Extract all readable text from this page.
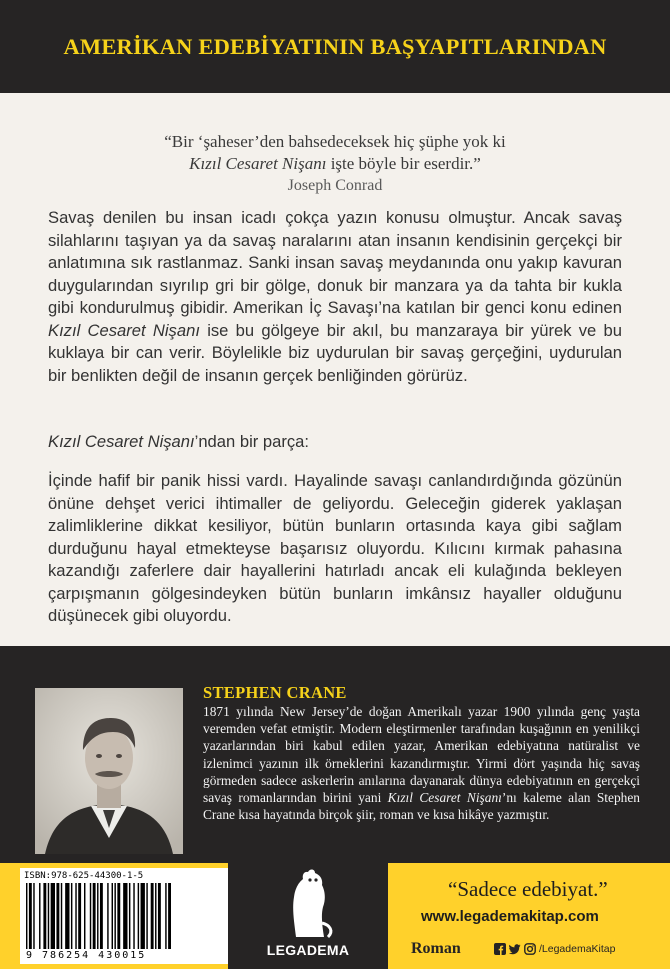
AMERİKAN EDEBİYATININ BAŞYAPITLARINDAN
“Bir ‘şaheser’den bahsedeceksek hiç şüphe yok ki
Kızıl Cesaret Nişanı işte böyle bir eserdir.”
Joseph Conrad

Savaş denilen bu insan icadı çokça yazın konusu olmuştur. Ancak savaş silahlarını taşıyan ya da savaş naralarını atan insanın kendisinin gerçekçi bir anlatımına sık rastlanmaz. Sanki insan savaş meydanında onu yakıp kavuran duygularından sıyrılıp gri bir gölge, donuk bir manzara ya da tahta bir kukla gibi kondurulmuş gibidir. Amerikan İç Savaşı’na katılan bir genci konu edinen Kızıl Cesaret Nişanı ise bu gölgeye bir akıl, bu manzaraya bir yürek ve bu kuklaya bir can verir. Böylelikle biz uydurulan bir savaş gerçeğini, uydurulan bir benlikten değil de insanın gerçek benliğinden görürüz.

Kızıl Cesaret Nişanı’ndan bir parça:

İçinde hafif bir panik hissi vardı. Hayalinde savaşı canlandırdığında gözünün önüne dehşet verici ihtimaller de geliyordu. Geleceğin giderek yaklaşan zalimliklerine dikkat kesiliyor, bütün bunların ortasında kaya gibi sağlam durduğunu hayal etmekteyse başarısız oluyordu. Kılıcını kırmak pahasına kazandığı zaferlere dair hayallerini hatırladı ancak eli kulağında bekleyen çarpışmanın gölgesindeyken bütün bunların imkânsız hayaller olduğunu düşünecek gibi oluyordu.

STEPHEN CRANE
1871 yılında New Jersey’de doğan Amerikalı yazar 1900 yılında genç yaşta veremden vefat etmiştir. Modern eleştirmenler tarafından kuşağının en yenilikçi yazarlarından biri kabul edilen yazar, Amerikan edebiyatına natüralist ve izlenimci yazının ilk örneklerini kazandırmıştır. Yirmi dört yaşında hiç savaş görmeden sadece askerlerin anılarına dayanarak dünya edebiyatının en gerçekçi savaş romanlarından birini yani Kızıl Cesaret Nişanı’nı kaleme alan Stephen Crane kısa hayatında birçok şiir, roman ve kısa hikâye yazmıştır.
ISBN:978-625-44300-1-5
9 786254 430015	LEGADEMA
“Sadece edebiyat.”
www.legademakitap.com
Roman	/LegademaKitap
